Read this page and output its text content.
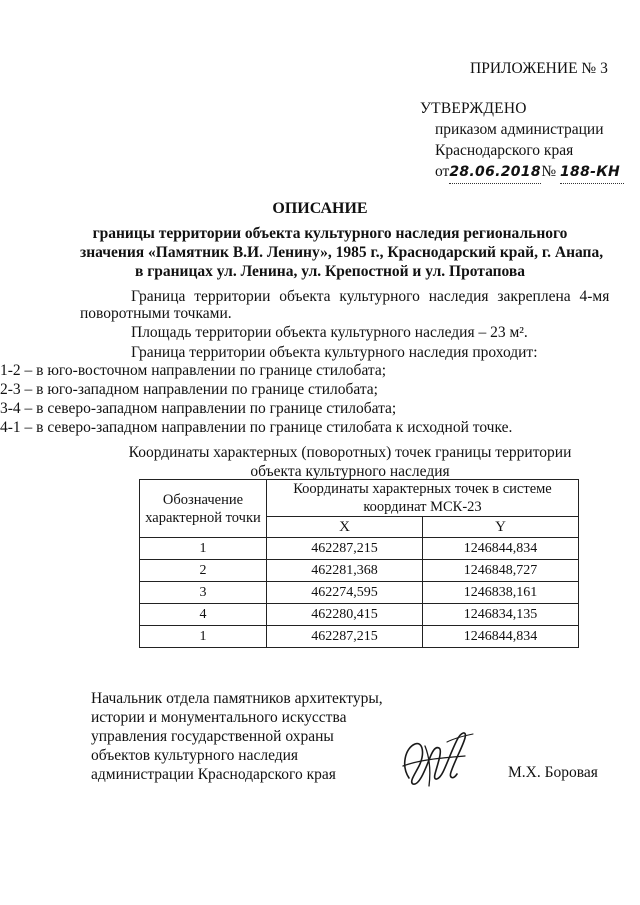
ПРИЛОЖЕНИЕ № 3
УТВЕРЖДЕНО
приказом администрации
Краснодарского края
от28.06.2018№ 188-КН
ОПИСАНИЕ
границы территории объекта культурного наследия регионального
значения «Памятник В.И. Ленину», 1985 г., Краснодарский край, г. Анапа,
в границах ул. Ленина, ул. Крепостной и ул. Протапова
Граница территории объекта культурного наследия закреплена 4-мя
поворотными точками.
Площадь территории объекта культурного наследия – 23 м².
Граница территории объекта культурного наследия проходит:
1-2 – в юго-восточном направлении по границе стилобата;
2-3 – в юго-западном направлении по границе стилобата;
3-4 – в северо-западном направлении по границе стилобата;
4-1 – в северо-западном направлении по границе стилобата к исходной точке.
Координаты характерных (поворотных) точек границы территории
объекта культурного наследия
Обозначение характерной точки	Координаты характерных точек в системе координат МСК-23	
	X	Y
1	462287,215	1246844,834
2	462281,368	1246848,727
3	462274,595	1246838,161
4	462280,415	1246834,135
1	462287,215	1246844,834
Начальник отдела памятников архитектуры,
истории и монументального искусства
управления государственной охраны
объектов культурного наследия
администрации Краснодарского края	М.Х. Боровая
